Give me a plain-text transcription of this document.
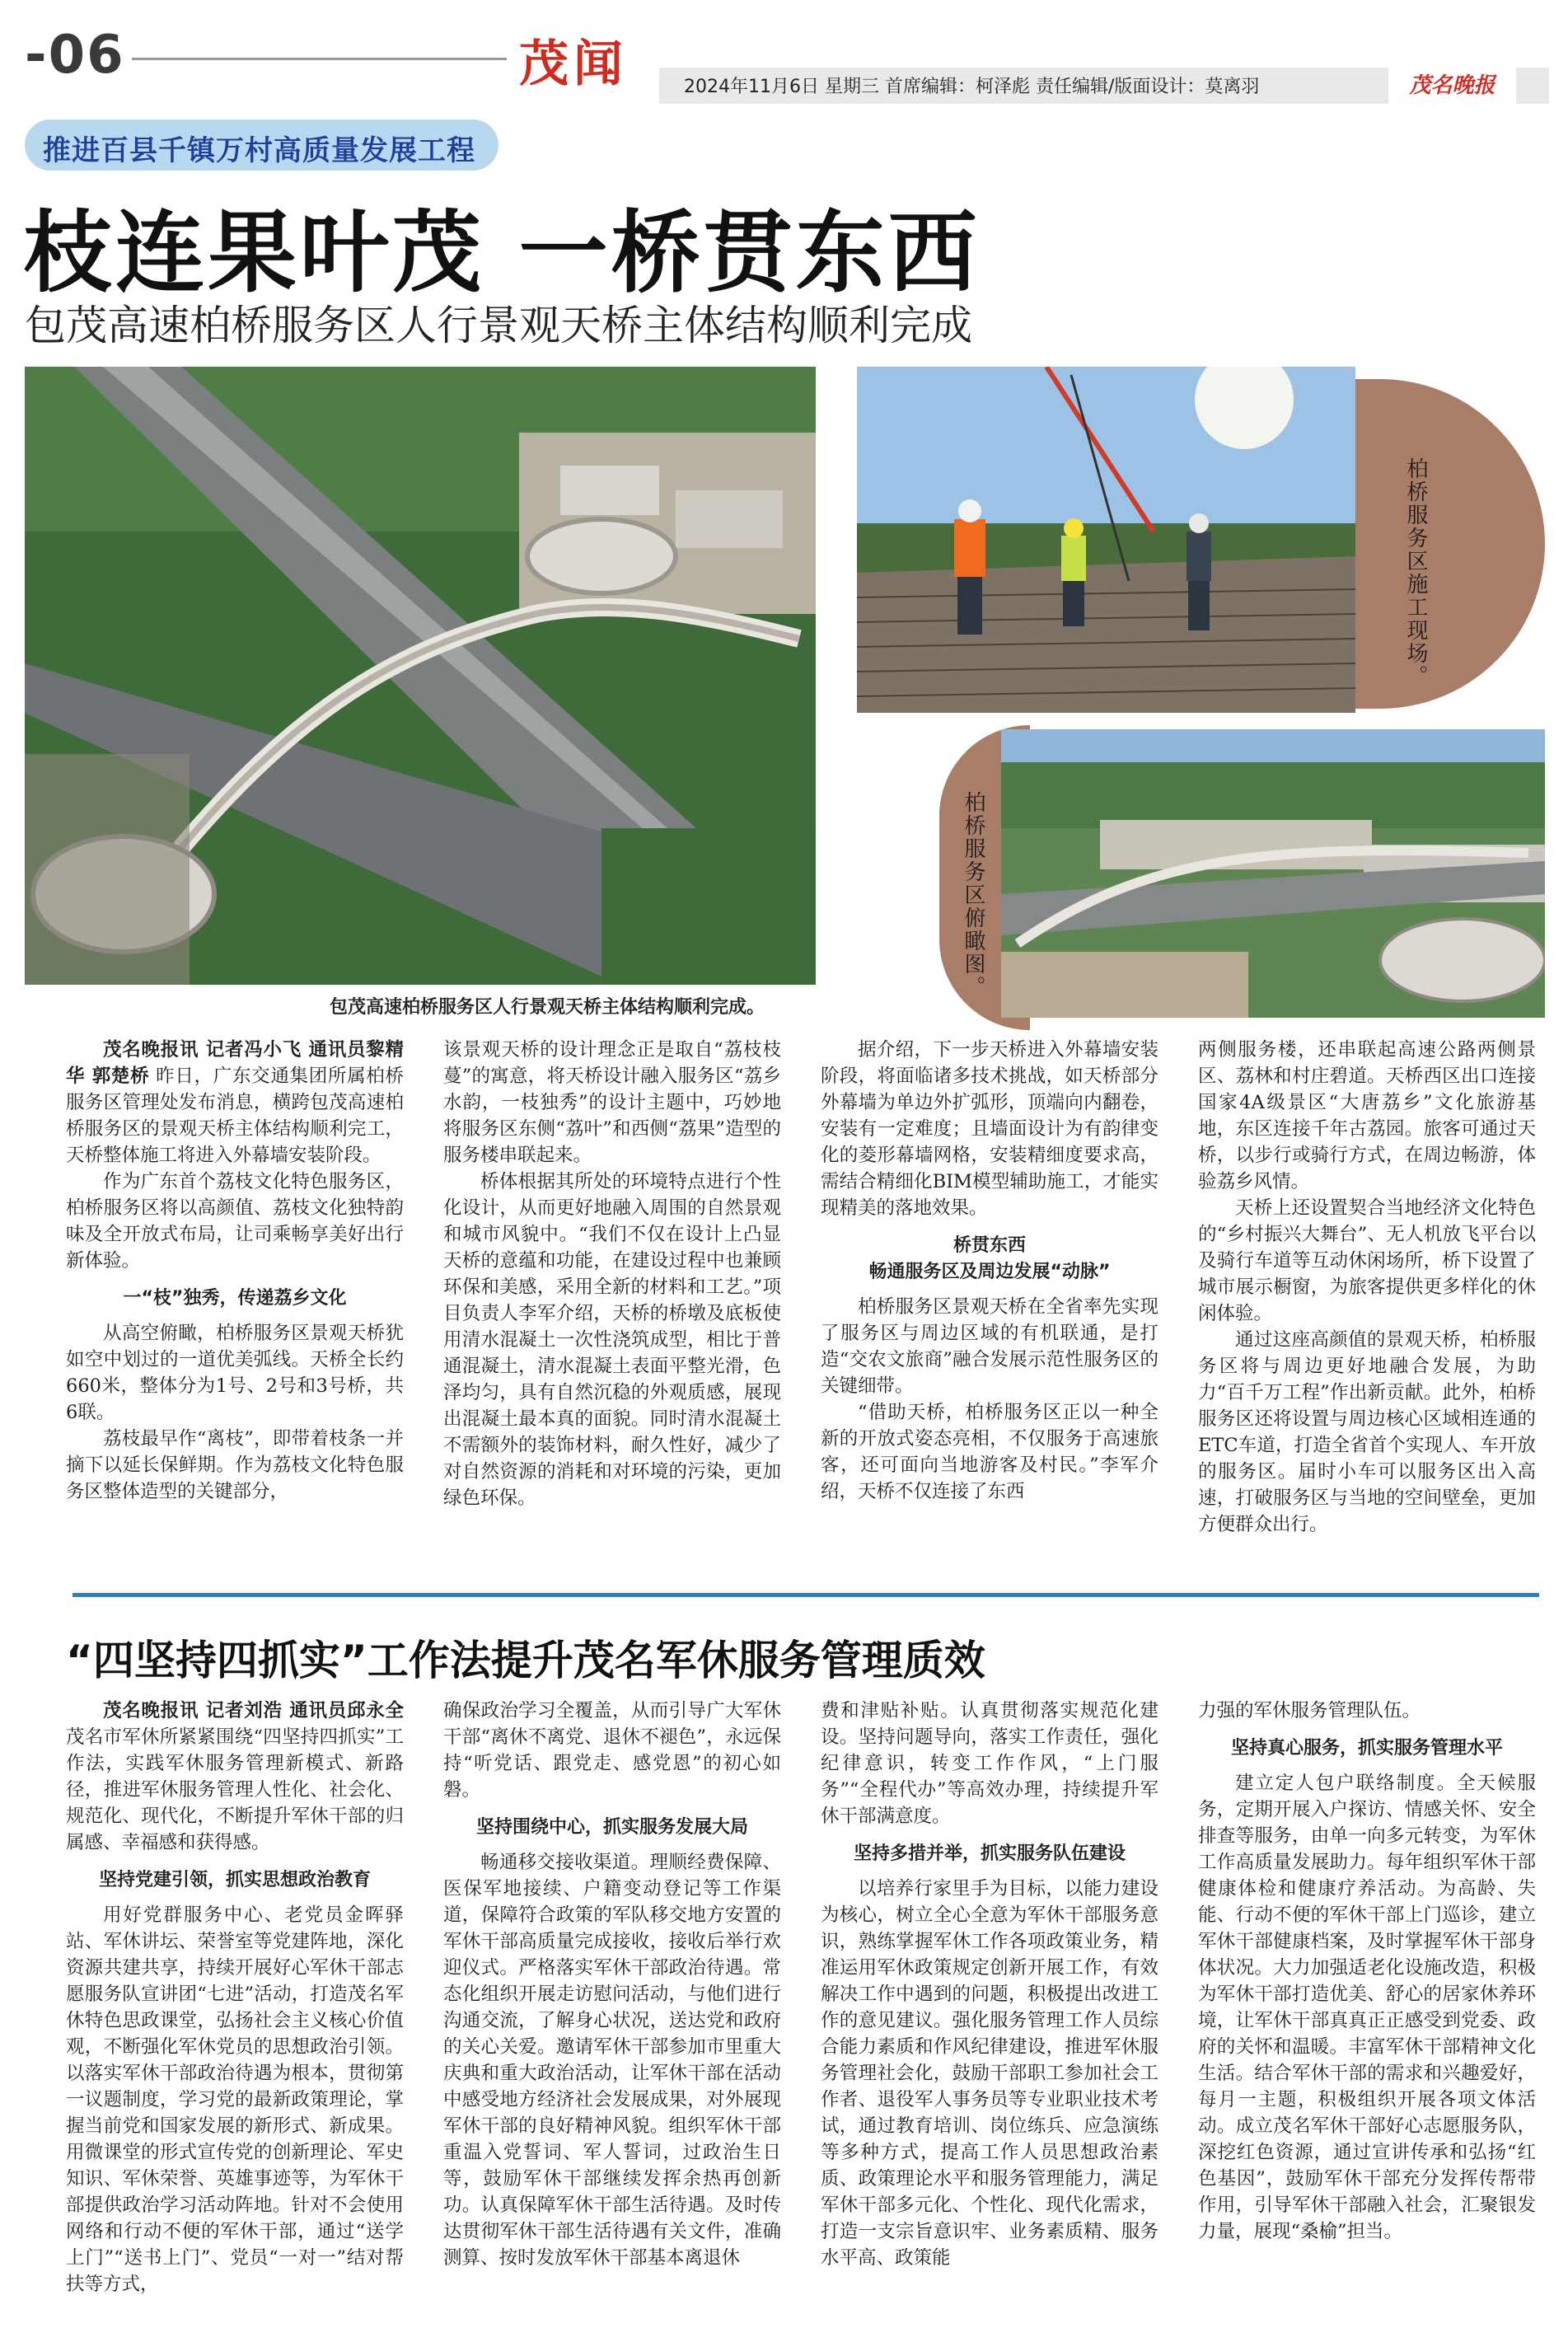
-06	茂闻	2024年11月6日 星期三 首席编辑：柯泽彪 责任编辑/版面设计：莫离羽	茂名晚报
推进百县千镇万村高质量发展工程
枝连果叶茂 一桥贯东西
包茂高速柏桥服务区人行景观天桥主体结构顺利完成
包茂高速柏桥服务区人行景观天桥主体结构顺利完成。
柏桥服务区施工现场。
柏桥服务区俯瞰图。

茂名晚报讯 记者冯小飞 通讯员黎精华 郭楚桥 昨日，广东交通集团所属柏桥服务区管理处发布消息，横跨包茂高速柏桥服务区的景观天桥主体结构顺利完工，天桥整体施工将进入外幕墙安装阶段。

作为广东首个荔枝文化特色服务区，柏桥服务区将以高颜值、荔枝文化独特韵味及全开放式布局，让司乘畅享美好出行新体验。

一“枝”独秀，传递荔乡文化

从高空俯瞰，柏桥服务区景观天桥犹如空中划过的一道优美弧线。天桥全长约660米，整体分为1号、2号和3号桥，共6联。

荔枝最早作“离枝”，即带着枝条一并摘下以延长保鲜期。作为荔枝文化特色服务区整体造型的关键部分，

该景观天桥的设计理念正是取自“荔枝枝蔓”的寓意，将天桥设计融入服务区“荔乡水韵，一枝独秀”的设计主题中，巧妙地将服务区东侧“荔叶”和西侧“荔果”造型的服务楼串联起来。

桥体根据其所处的环境特点进行个性化设计，从而更好地融入周围的自然景观和城市风貌中。“我们不仅在设计上凸显天桥的意蕴和功能，在建设过程中也兼顾环保和美感，采用全新的材料和工艺。”项目负责人李军介绍，天桥的桥墩及底板使用清水混凝土一次性浇筑成型，相比于普通混凝土，清水混凝土表面平整光滑，色泽均匀，具有自然沉稳的外观质感，展现出混凝土最本真的面貌。同时清水混凝土不需额外的装饰材料，耐久性好，减少了对自然资源的消耗和对环境的污染，更加绿色环保。

据介绍，下一步天桥进入外幕墙安装阶段，将面临诸多技术挑战，如天桥部分外幕墙为单边外扩弧形，顶端向内翻卷，安装有一定难度；且墙面设计为有韵律变化的菱形幕墙网格，安装精细度要求高，需结合精细化BIM模型辅助施工，才能实现精美的落地效果。

桥贯东西

畅通服务区及周边发展“动脉”

柏桥服务区景观天桥在全省率先实现了服务区与周边区域的有机联通，是打造“交农文旅商”融合发展示范性服务区的关键细带。

“借助天桥，柏桥服务区正以一种全新的开放式姿态亮相，不仅服务于高速旅客，还可面向当地游客及村民。”李军介绍，天桥不仅连接了东西

两侧服务楼，还串联起高速公路两侧景区、荔林和村庄碧道。天桥西区出口连接国家4A级景区“大唐荔乡”文化旅游基地，东区连接千年古荔园。旅客可通过天桥，以步行或骑行方式，在周边畅游，体验荔乡风情。

天桥上还设置契合当地经济文化特色的“乡村振兴大舞台”、无人机放飞平台以及骑行车道等互动休闲场所，桥下设置了城市展示橱窗，为旅客提供更多样化的休闲体验。

通过这座高颜值的景观天桥，柏桥服务区将与周边更好地融合发展，为助力“百千万工程”作出新贡献。此外，柏桥服务区还将设置与周边核心区域相连通的ETC车道，打造全省首个实现人、车开放的服务区。届时小车可以服务区出入高速，打破服务区与当地的空间壁垒，更加方便群众出行。

“四坚持四抓实”工作法提升茂名军休服务管理质效

茂名晚报讯 记者刘浩 通讯员邱永全 茂名市军休所紧紧围绕“四坚持四抓实”工作法，实践军休服务管理新模式、新路径，推进军休服务管理人性化、社会化、规范化、现代化，不断提升军休干部的归属感、幸福感和获得感。

坚持党建引领，抓实思想政治教育

用好党群服务中心、老党员金晖驿站、军休讲坛、荣誉室等党建阵地，深化资源共建共享，持续开展好心军休干部志愿服务队宣讲团“七进”活动，打造茂名军休特色思政课堂，弘扬社会主义核心价值观，不断强化军休党员的思想政治引领。以落实军休干部政治待遇为根本，贯彻第一议题制度，学习党的最新政策理论，掌握当前党和国家发展的新形式、新成果。用微课堂的形式宣传党的创新理论、军史知识、军休荣誉、英雄事迹等，为军休干部提供政治学习活动阵地。针对不会使用网络和行动不便的军休干部，通过“送学上门”“送书上门”、党员“一对一”结对帮扶等方式，

确保政治学习全覆盖，从而引导广大军休干部“离休不离党、退休不褪色”，永远保持“听党话、跟党走、感党恩”的初心如磐。

坚持围绕中心，抓实服务发展大局

畅通移交接收渠道。理顺经费保障、医保军地接续、户籍变动登记等工作渠道，保障符合政策的军队移交地方安置的军休干部高质量完成接收，接收后举行欢迎仪式。严格落实军休干部政治待遇。常态化组织开展走访慰问活动，与他们进行沟通交流，了解身心状况，送达党和政府的关心关爱。邀请军休干部参加市里重大庆典和重大政治活动，让军休干部在活动中感受地方经济社会发展成果，对外展现军休干部的良好精神风貌。组织军休干部重温入党誓词、军人誓词，过政治生日等，鼓励军休干部继续发挥余热再创新功。认真保障军休干部生活待遇。及时传达贯彻军休干部生活待遇有关文件，准确测算、按时发放军休干部基本离退休

费和津贴补贴。认真贯彻落实规范化建设。坚持问题导向，落实工作责任，强化纪律意识，转变工作作风，“上门服务”“全程代办”等高效办理，持续提升军休干部满意度。

坚持多措并举，抓实服务队伍建设

以培养行家里手为目标，以能力建设为核心，树立全心全意为军休干部服务意识，熟练掌握军休工作各项政策业务，精准运用军休政策规定创新开展工作，有效解决工作中遇到的问题，积极提出改进工作的意见建议。强化服务管理工作人员综合能力素质和作风纪律建设，推进军休服务管理社会化，鼓励干部职工参加社会工作者、退役军人事务员等专业职业技术考试，通过教育培训、岗位练兵、应急演练等多种方式，提高工作人员思想政治素质、政策理论水平和服务管理能力，满足军休干部多元化、个性化、现代化需求，打造一支宗旨意识牢、业务素质精、服务水平高、政策能

力强的军休服务管理队伍。

坚持真心服务，抓实服务管理水平

建立定人包户联络制度。全天候服务，定期开展入户探访、情感关怀、安全排查等服务，由单一向多元转变，为军休工作高质量发展助力。每年组织军休干部健康体检和健康疗养活动。为高龄、失能、行动不便的军休干部上门巡诊，建立军休干部健康档案，及时掌握军休干部身体状况。大力加强适老化设施改造，积极为军休干部打造优美、舒心的居家休养环境，让军休干部真真正正感受到党委、政府的关怀和温暖。丰富军休干部精神文化生活。结合军休干部的需求和兴趣爱好，每月一主题，积极组织开展各项文体活动。成立茂名军休干部好心志愿服务队，深挖红色资源，通过宣讲传承和弘扬“红色基因”，鼓励军休干部充分发挥传帮带作用，引导军休干部融入社会，汇聚银发力量，展现“桑榆”担当。
